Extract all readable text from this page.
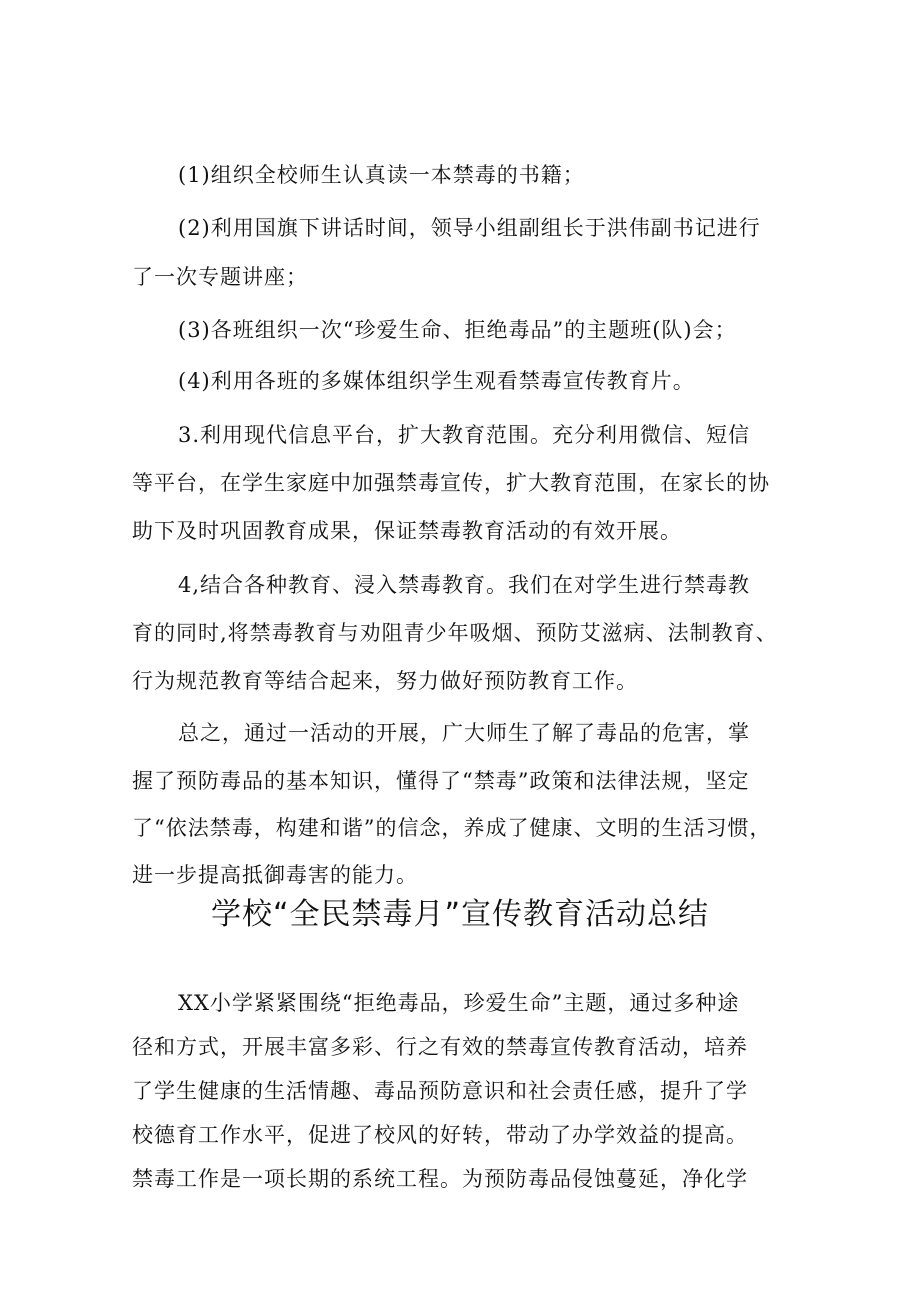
(1)组织全校师生认真读一本禁毒的书籍；
(2)利用国旗下讲话时间，领导小组副组长于洪伟副书记进行
了一次专题讲座；
(3)各班组织一次“珍爱生命、拒绝毒品”的主题班(队)会；
(4)利用各班的多媒体组织学生观看禁毒宣传教育片。
3.利用现代信息平台，扩大教育范围。充分利用微信、短信
等平台，在学生家庭中加强禁毒宣传，扩大教育范围，在家长的协
助下及时巩固教育成果，保证禁毒教育活动的有效开展。
4,结合各种教育、浸入禁毒教育。我们在对学生进行禁毒教
育的同时,将禁毒教育与劝阻青少年吸烟、预防艾滋病、法制教育、
行为规范教育等结合起来，努力做好预防教育工作。
总之，通过一活动的开展，广大师生了解了毒品的危害，掌
握了预防毒品的基本知识，懂得了“禁毒”政策和法律法规，坚定
了“依法禁毒，构建和谐”的信念，养成了健康、文明的生活习惯，
进一步提高抵御毒害的能力。
学校“全民禁毒月”宣传教育活动总结
XX小学紧紧围绕“拒绝毒品，珍爱生命”主题，通过多种途
径和方式，开展丰富多彩、行之有效的禁毒宣传教育活动，培养
了学生健康的生活情趣、毒品预防意识和社会责任感，提升了学
校德育工作水平，促进了校风的好转，带动了办学效益的提高。
禁毒工作是一项长期的系统工程。为预防毒品侵蚀蔓延，净化学
